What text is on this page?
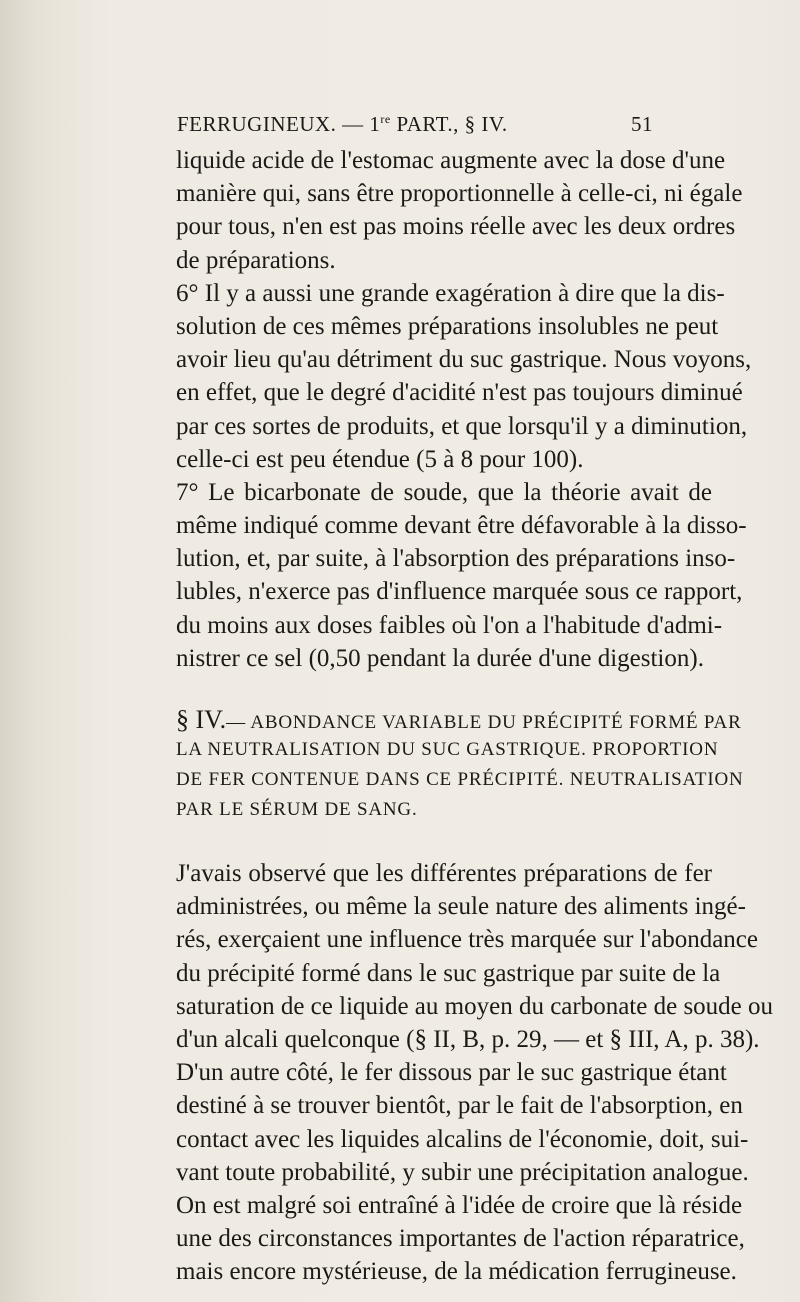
FERRUGINEUX. — 1re PART., § IV.	51
liquide acide de l'estomac augmente avec la dose d'une
manière qui, sans être proportionnelle à celle-ci, ni égale
pour tous, n'en est pas moins réelle avec les deux ordres
de préparations.
6° Il y a aussi une grande exagération à dire que la dis-
solution de ces mêmes préparations insolubles ne peut
avoir lieu qu'au détriment du suc gastrique. Nous voyons,
en effet, que le degré d'acidité n'est pas toujours diminué
par ces sortes de produits, et que lorsqu'il y a diminution,
celle-ci est peu étendue (5 à 8 pour 100).
7° Le bicarbonate de soude, que la théorie avait de
même indiqué comme devant être défavorable à la disso-
lution, et, par suite, à l'absorption des préparations inso-
lubles, n'exerce pas d'influence marquée sous ce rapport,
du moins aux doses faibles où l'on a l'habitude d'admi-
nistrer ce sel (0,50 pendant la durée d'une digestion).
§ IV.— ABONDANCE VARIABLE DU PRÉCIPITÉ FORMÉ PAR
LA NEUTRALISATION DU SUC GASTRIQUE. PROPORTION
DE FER CONTENUE DANS CE PRÉCIPITÉ. NEUTRALISATION
PAR LE SÉRUM DE SANG.
J'avais observé que les différentes préparations de fer
administrées, ou même la seule nature des aliments ingé-
rés, exerçaient une influence très marquée sur l'abondance
du précipité formé dans le suc gastrique par suite de la
saturation de ce liquide au moyen du carbonate de soude ou
d'un alcali quelconque (§ II, B, p. 29, — et § III, A, p. 38).
D'un autre côté, le fer dissous par le suc gastrique étant
destiné à se trouver bientôt, par le fait de l'absorption, en
contact avec les liquides alcalins de l'économie, doit, sui-
vant toute probabilité, y subir une précipitation analogue.
On est malgré soi entraîné à l'idée de croire que là réside
une des circonstances importantes de l'action réparatrice,
mais encore mystérieuse, de la médication ferrugineuse.
